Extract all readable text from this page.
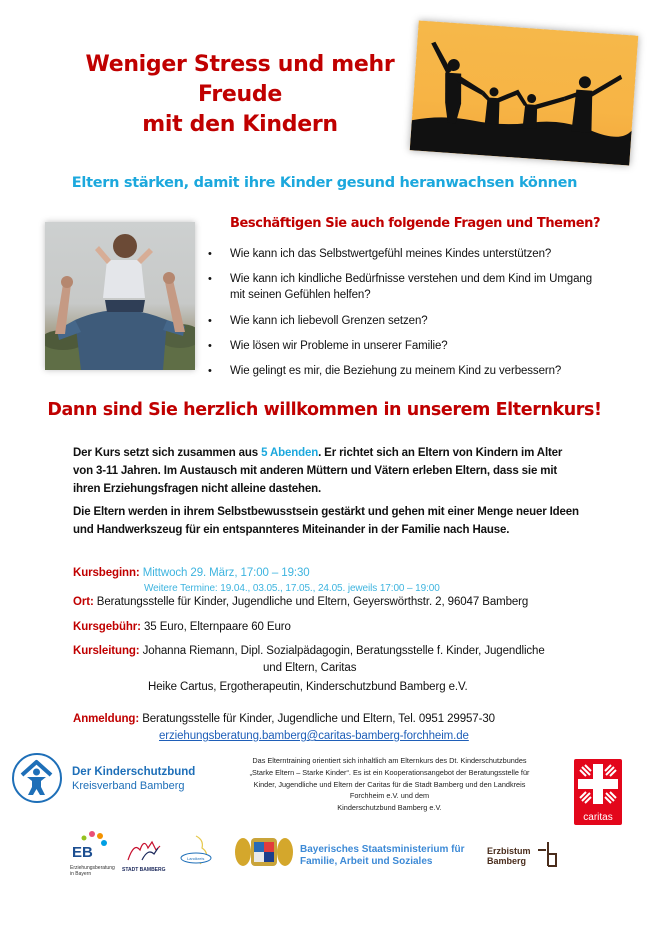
Weniger Stress und mehr
Freude
mit den Kindern
Eltern stärken, damit ihre Kinder gesund heranwachsen können
Beschäftigen Sie auch folgende Fragen und Themen?
• Wie kann ich das Selbstwertgefühl meines Kindes unterstützen?
• Wie kann ich kindliche Bedürfnisse verstehen und dem Kind im Umgang mit seinen Gefühlen helfen?
• Wie kann ich liebevoll Grenzen setzen?
• Wie lösen wir Probleme in unserer Familie?
• Wie gelingt es mir, die Beziehung zu meinem Kind zu verbessern?
Dann sind Sie herzlich willkommen in unserem Elternkurs!
Der Kurs setzt sich zusammen aus 5 Abenden. Er richtet sich an Eltern von Kindern im Alter von 3-11 Jahren. Im Austausch mit anderen Müttern und Vätern erleben Eltern, dass sie mit ihren Erziehungsfragen nicht alleine dastehen.
Die Eltern werden in ihrem Selbstbewusstsein gestärkt und gehen mit einer Menge neuer Ideen und Handwerkszeug für ein entspannteres Miteinander in der Familie nach Hause.
Kursbeginn: Mittwoch 29. März, 17:00 – 19:30
Weitere Termine: 19.04., 03.05., 17.05., 24.05. jeweils 17:00 – 19:00
Ort: Beratungsstelle für Kinder, Jugendliche und Eltern, Geyerswörthstr. 2, 96047 Bamberg
Kursgebühr: 35 Euro, Elternpaare 60 Euro
Kursleitung: Johanna Riemann, Dipl. Sozialpädagogin, Beratungsstelle f. Kinder, Jugendliche
und Eltern, Caritas
Heike Cartus, Ergotherapeutin, Kinderschutzbund Bamberg e.V.
Anmeldung: Beratungsstelle für Kinder, Jugendliche und Eltern, Tel. 0951 29957-30
erziehungsberatung.bamberg@caritas-bamberg-forchheim.de
Der Kinderschutzbund
Kreisverband Bamberg
Das Elterntraining orientiert sich inhaltlich am Elternkurs des Dt. Kinderschutzbundes
„Starke Eltern – Starke Kinder“. Es ist ein Kooperationsangebot der Beratungsstelle für
Kinder, Jugendliche und Eltern der Caritas für die Stadt Bamberg und den Landkreis
Forchheim e.V. und dem
Kinderschutzbund Bamberg e.V.
caritas
EB
Erziehungsberatung in Bayern
STADT BAMBERG
Landkreis
Bayerisches Staatsministerium für
Familie, Arbeit und Soziales
Erzbistum
Bamberg
